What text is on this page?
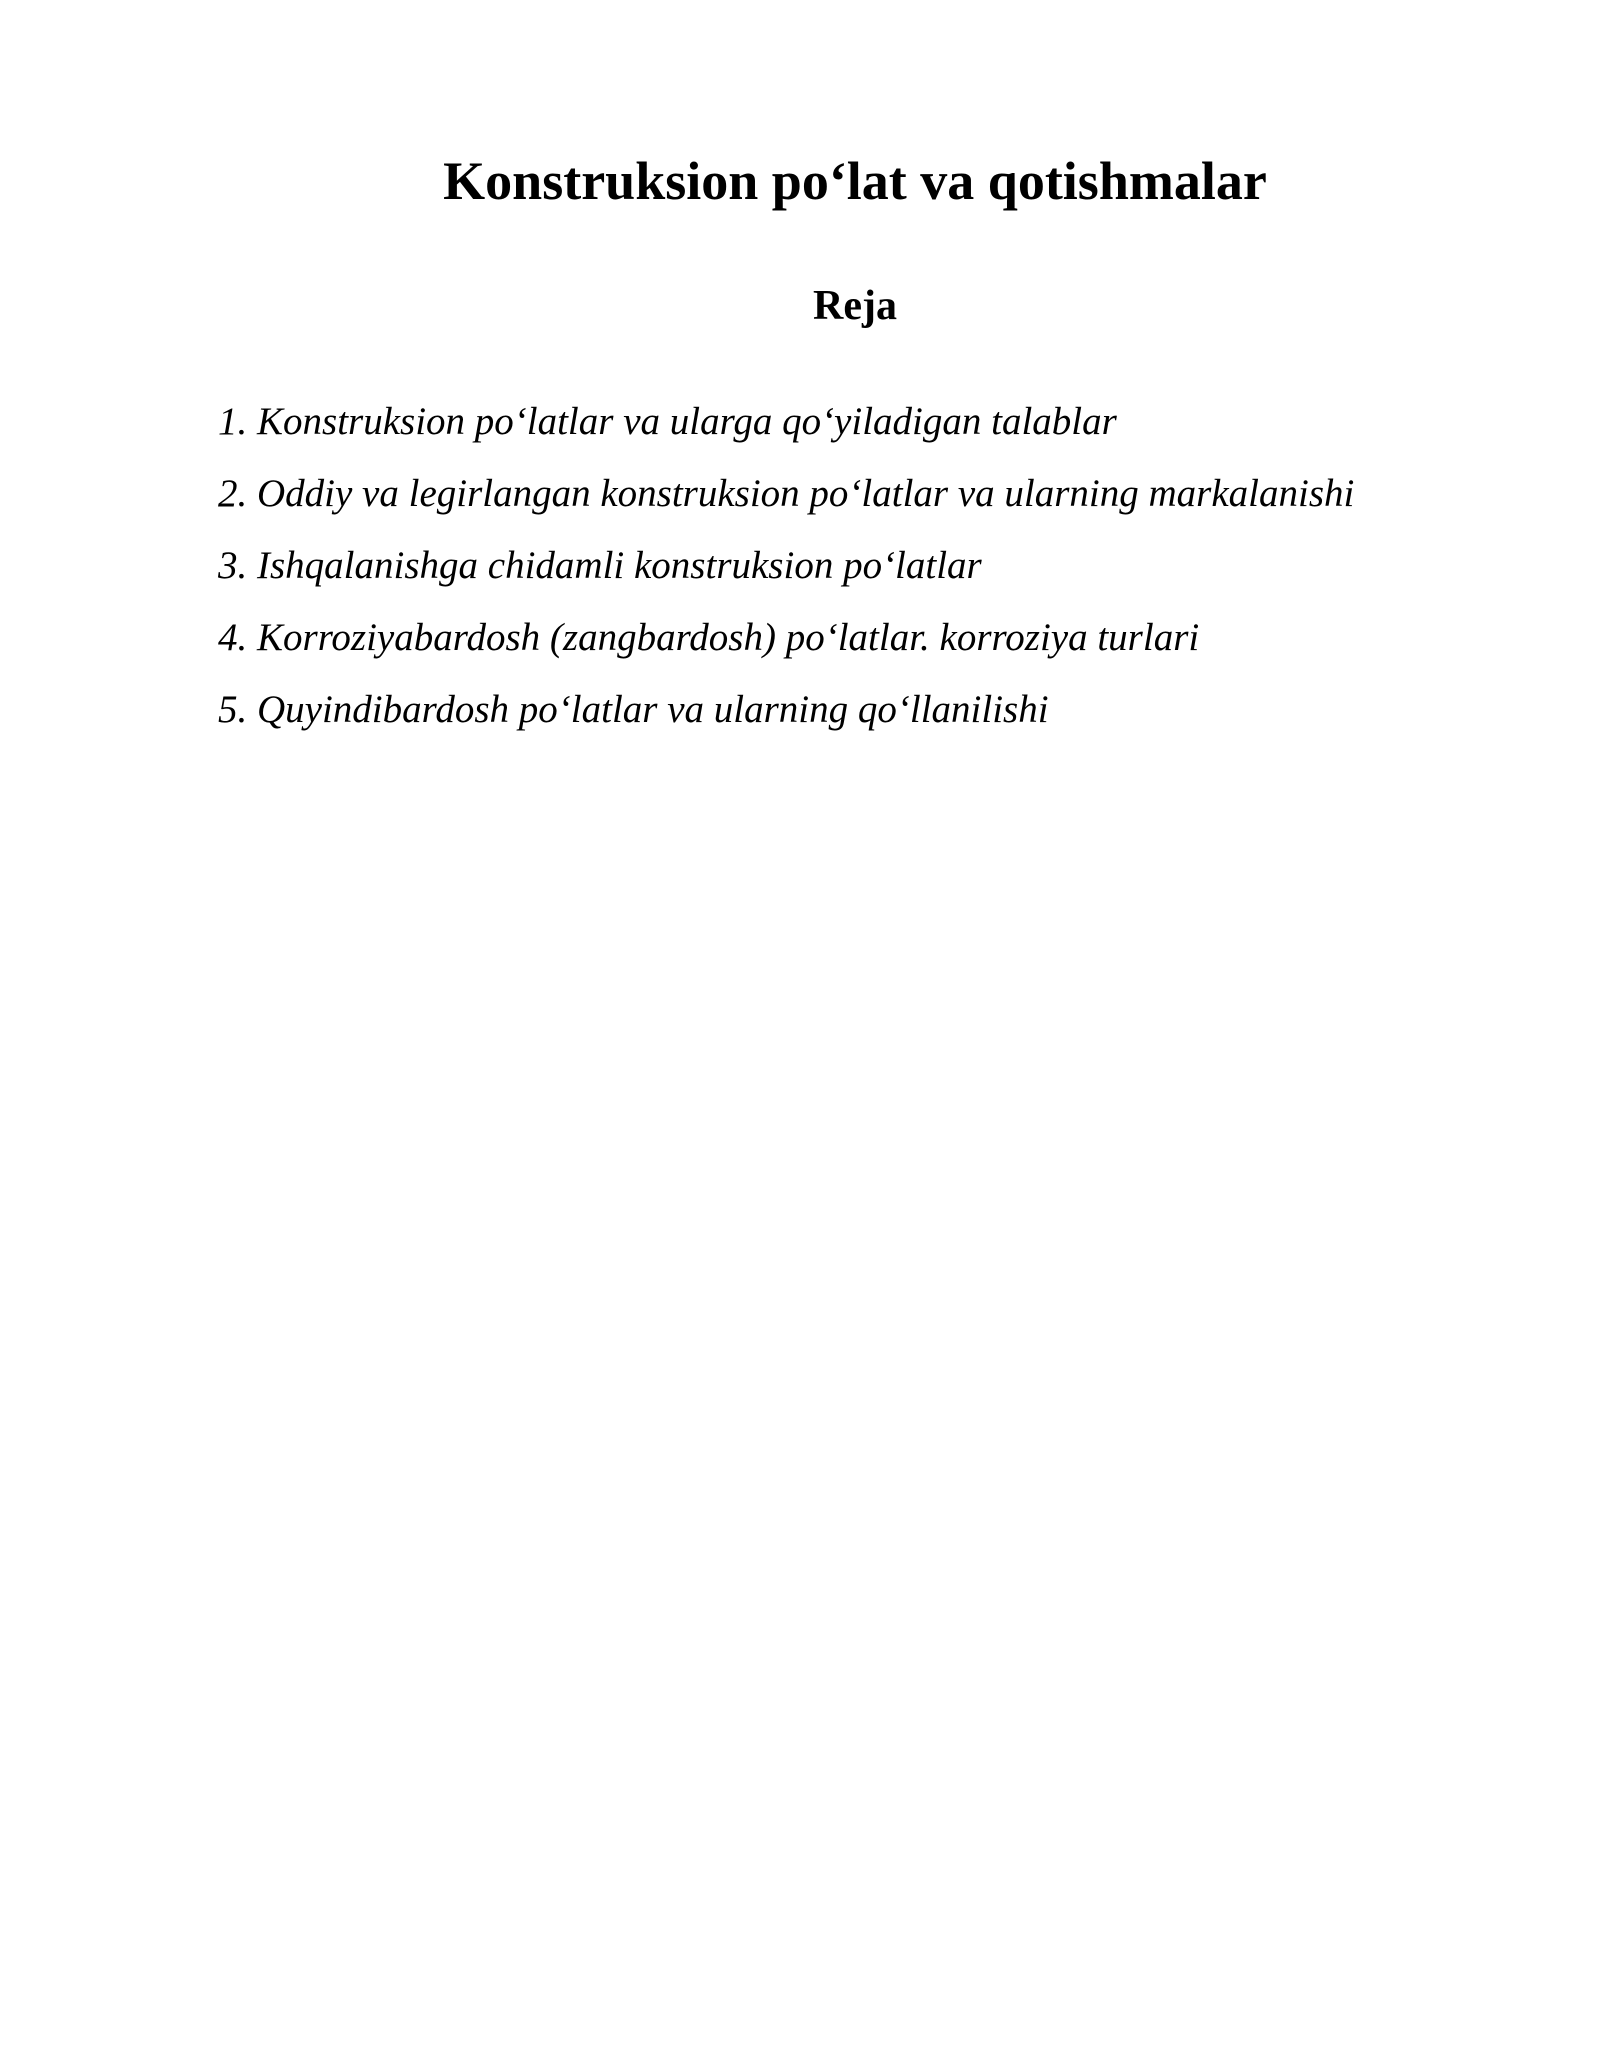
Konstruksion po‘lat va qotishmalar
Reja
1. Konstruksion po‘latlar va ularga qo‘yiladigan talablar
2. Oddiy va legirlangan konstruksion po‘latlar va ularning markalanishi
3. Ishqalanishga chidamli konstruksion po‘latlar
4. Korroziyabardosh (zangbardosh) po‘latlar. korroziya turlari
5. Quyindibardosh po‘latlar va ularning qo‘llanilishi
